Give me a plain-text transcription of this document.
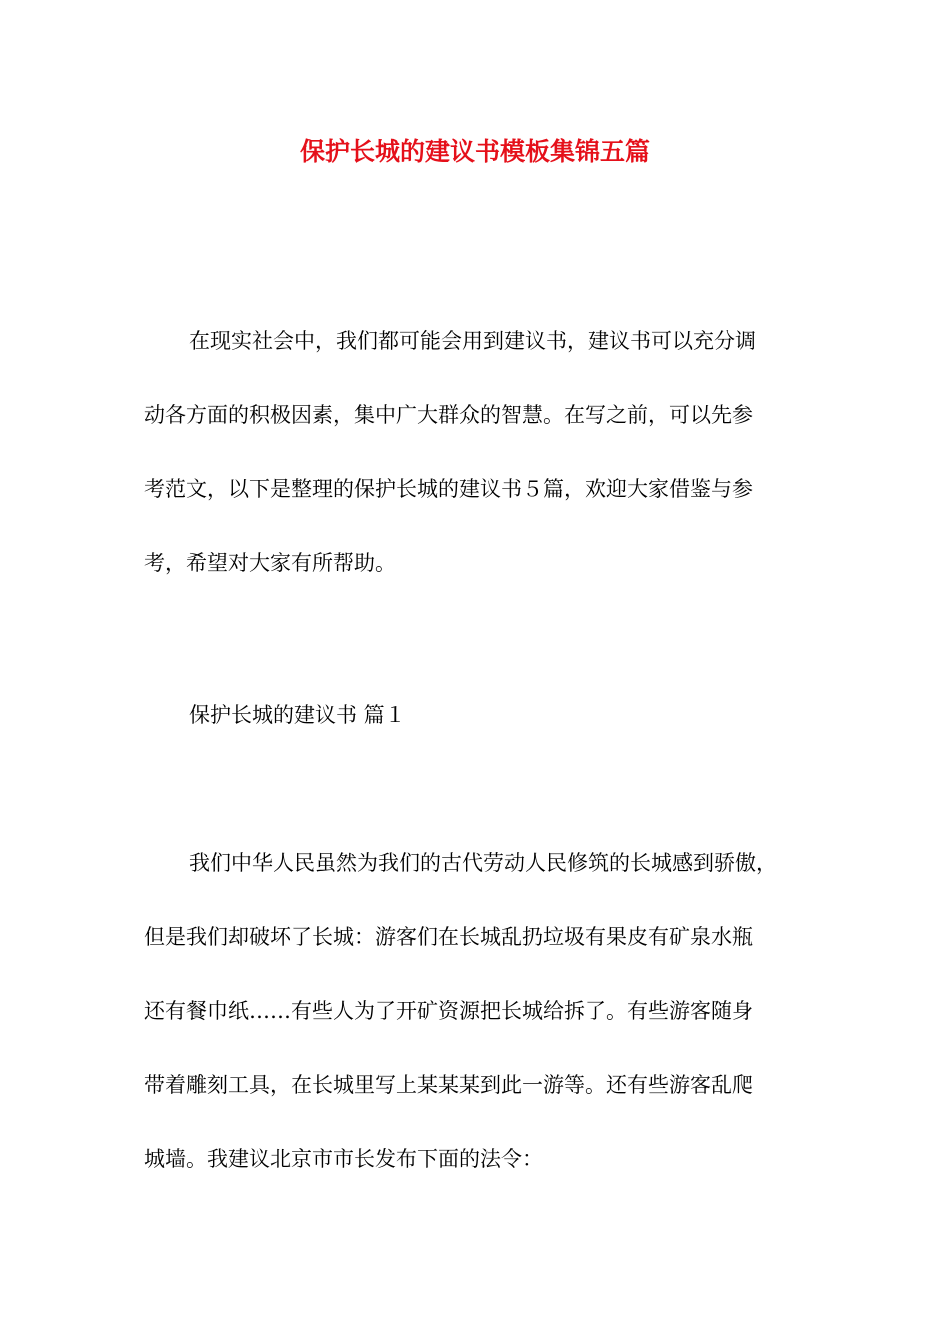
保护长城的建议书模板集锦五篇
在现实社会中，我们都可能会用到建议书，建议书可以充分调
动各方面的积极因素，集中广大群众的智慧。在写之前，可以先参
考范文，以下是整理的保护长城的建议书５篇，欢迎大家借鉴与参
考，希望对大家有所帮助。
保护长城的建议书 篇１
我们中华人民虽然为我们的古代劳动人民修筑的长城感到骄傲，
但是我们却破坏了长城：游客们在长城乱扔垃圾有果皮有矿泉水瓶
还有餐巾纸……有些人为了开矿资源把长城给拆了。有些游客随身
带着雕刻工具，在长城里写上某某某到此一游等。还有些游客乱爬
城墙。我建议北京市市长发布下面的法令：
